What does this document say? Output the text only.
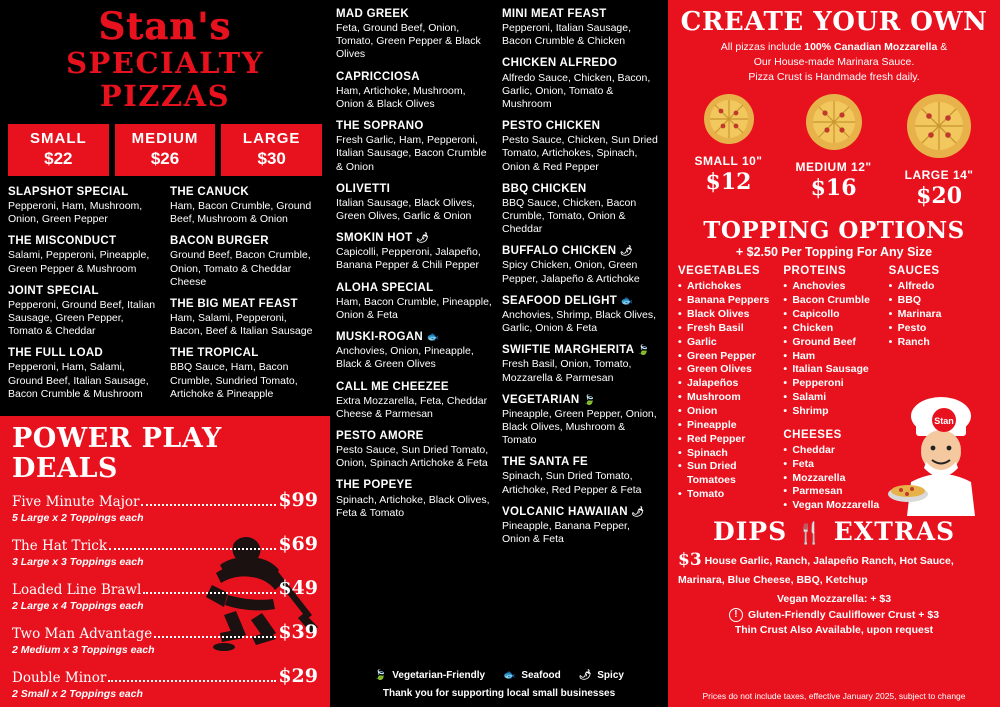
Stan's
SPECIALTY PIZZAS
SMALL
$22
MEDIUM
$26
LARGE
$30
SLAPSHOT SPECIAL
Pepperoni, Ham, Mushroom, Onion, Green Pepper
THE MISCONDUCT
Salami, Pepperoni, Pineapple, Green Pepper & Mushroom
JOINT SPECIAL
Pepperoni, Ground Beef, Italian Sausage, Green Pepper, Tomato & Cheddar
THE FULL LOAD
Pepperoni, Ham, Salami, Ground Beef, Italian Sausage, Bacon Crumble & Mushroom
THE CANUCK
Ham, Bacon Crumble, Ground Beef, Mushroom & Onion
BACON BURGER
Ground Beef, Bacon Crumble, Onion, Tomato & Cheddar Cheese
THE BIG MEAT FEAST
Ham, Salami, Pepperoni, Bacon, Beef & Italian Sausage
THE TROPICAL
BBQ Sauce, Ham, Bacon Crumble, Sundried Tomato, Artichoke & Pineapple
POWER PLAY DEALS
Five Minute Major	$99
5 Large x 2 Toppings each
The Hat Trick	$69
3 Large x 3 Toppings each
Loaded Line Brawl	$49
2 Large x 4 Toppings each
Two Man Advantage	$39
2 Medium x 3 Toppings each
Double Minor	$29
2 Small x 2 Toppings each
MAD GREEK
Feta, Ground Beef, Onion, Tomato, Green Pepper & Black Olives
CAPRICCIOSA
Ham, Artichoke, Mushroom, Onion & Black Olives
THE SOPRANO
Fresh Garlic, Ham, Pepperoni, Italian Sausage, Bacon Crumble & Onion
OLIVETTI
Italian Sausage, Black Olives, Green Olives, Garlic & Onion
SMOKIN HOT 🌶
Capicolli, Pepperoni, Jalapeño, Banana Pepper & Chili Pepper
ALOHA SPECIAL
Ham, Bacon Crumble, Pineapple, Onion & Feta
MUSKI-ROGAN 🐟
Anchovies, Onion, Pineapple, Black & Green Olives
CALL ME CHEEZEE
Extra Mozzarella, Feta, Cheddar Cheese & Parmesan
PESTO AMORE
Pesto Sauce, Sun Dried Tomato, Onion, Spinach Artichoke & Feta
THE POPEYE
Spinach, Artichoke, Black Olives, Feta & Tomato
MINI MEAT FEAST
Pepperoni, Italian Sausage, Bacon Crumble & Chicken
CHICKEN ALFREDO
Alfredo Sauce, Chicken, Bacon, Garlic, Onion, Tomato & Mushroom
PESTO CHICKEN
Pesto Sauce, Chicken, Sun Dried Tomato, Artichokes, Spinach, Onion & Red Pepper
BBQ CHICKEN
BBQ Sauce, Chicken, Bacon Crumble, Tomato, Onion & Cheddar
BUFFALO CHICKEN 🌶
Spicy Chicken, Onion, Green Pepper, Jalapeño & Artichoke
SEAFOOD DELIGHT 🐟
Anchovies, Shrimp, Black Olives, Garlic, Onion & Feta
SWIFTIE MARGHERITA 🍃
Fresh Basil, Onion, Tomato, Mozzarella & Parmesan
VEGETARIAN 🍃
Pineapple, Green Pepper, Onion, Black Olives, Mushroom & Tomato
THE SANTA FE
Spinach, Sun Dried Tomato, Artichoke, Red Pepper & Feta
VOLCANIC HAWAIIAN 🌶
Pineapple, Banana Pepper, Onion & Feta
🍃 Vegetarian-Friendly 🐟 Seafood 🌶 Spicy
Thank you for supporting local small businesses
CREATE YOUR OWN
All pizzas include 100% Canadian Mozzarella &
Our House-made Marinara Sauce.
Pizza Crust is Handmade fresh daily.
SMALL 10"
$12
MEDIUM 12"
$16	LARGE 14"
$20
TOPPING OPTIONS
+ $2.50 Per Topping For Any Size
VEGETABLES
• Artichokes
• Banana Peppers
• Black Olives
• Fresh Basil
• Garlic
• Green Pepper
• Green Olives
• Jalapeños
• Mushroom
• Onion
• Pineapple
• Red Pepper
• Spinach
• Sun Dried Tomatoes
• Tomato
PROTEINS
• Anchovies
• Bacon Crumble
• Capicollo
• Chicken
• Ground Beef
• Ham
• Italian Sausage
• Pepperoni
• Salami
• Shrimp
CHEESES
• Cheddar
• Feta
• Mozzarella
• Parmesan
• Vegan Mozzarella
SAUCES
• Alfredo
• BBQ
• Marinara
• Pesto
• Ranch
Stan
DIPS 🍴 EXTRAS
$3 House Garlic, Ranch, Jalapeño Ranch, Hot Sauce, Marinara, Blue Cheese, BBQ, Ketchup
Vegan Mozzarella: + $3
! Gluten-Friendly Cauliflower Crust + $3
Thin Crust Also Available, upon request
Prices do not include taxes, effective January 2025, subject to change
